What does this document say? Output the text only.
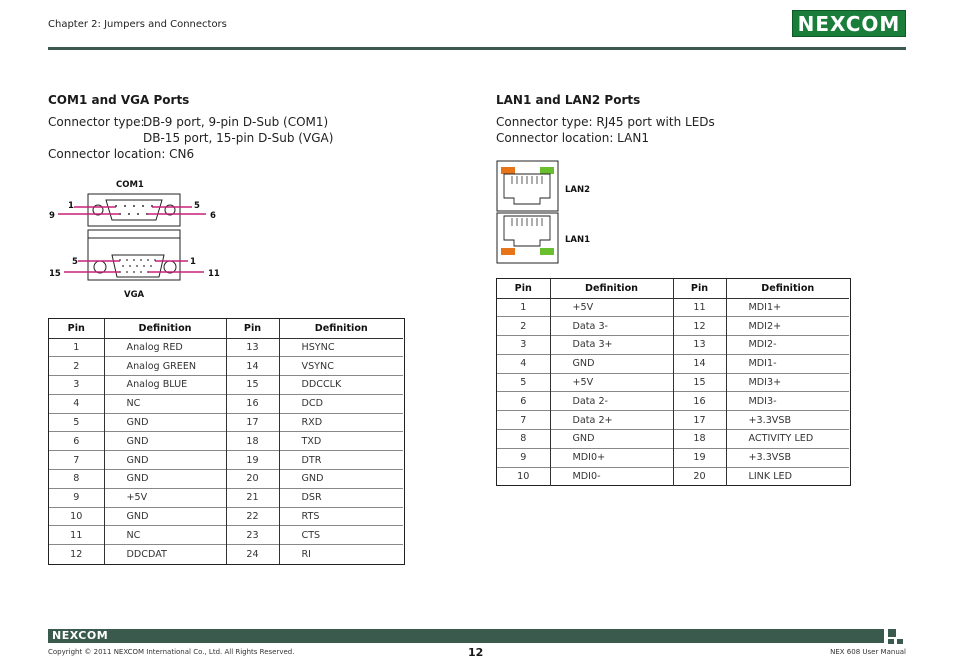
Chapter 2: Jumpers and Connectors	NEXCOM
COM1 and VGA Ports
Connector type:
DB-9 port, 9-pin D-Sub (COM1)
DB-15 port, 15-pin D-Sub (VGA)
Connector location: CN6
COM1
1
9
5
6
5
15
1
11
VGA
Pin	Definition	Pin	Definition
1	Analog RED	13	HSYNC
2	Analog GREEN	14	VSYNC
3	Analog BLUE	15	DDCCLK
4	NC	16	DCD
5	GND	17	RXD
6	GND	18	TXD
7	GND	19	DTR
8	GND	20	GND
9	+5V	21	DSR
10	GND	22	RTS
11	NC	23	CTS
12	DDCDAT	24	RI
LAN1 and LAN2 Ports
Connector type: RJ45 port with LEDs
Connector location: LAN1
LAN2
LAN1
Pin	Definition	Pin	Definition
1	+5V	11	MDI1+
2	Data 3-	12	MDI2+
3	Data 3+	13	MDI2-
4	GND	14	MDI1-
5	+5V	15	MDI3+
6	Data 2-	16	MDI3-
7	Data 2+	17	+3.3VSB
8	GND	18	ACTIVITY LED
9	MDI0+	19	+3.3VSB
10	MDI0-	20	LINK LED
NEXCOM
Copyright © 2011 NEXCOM International Co., Ltd. All Rights Reserved.	12	NEX 608 User Manual
